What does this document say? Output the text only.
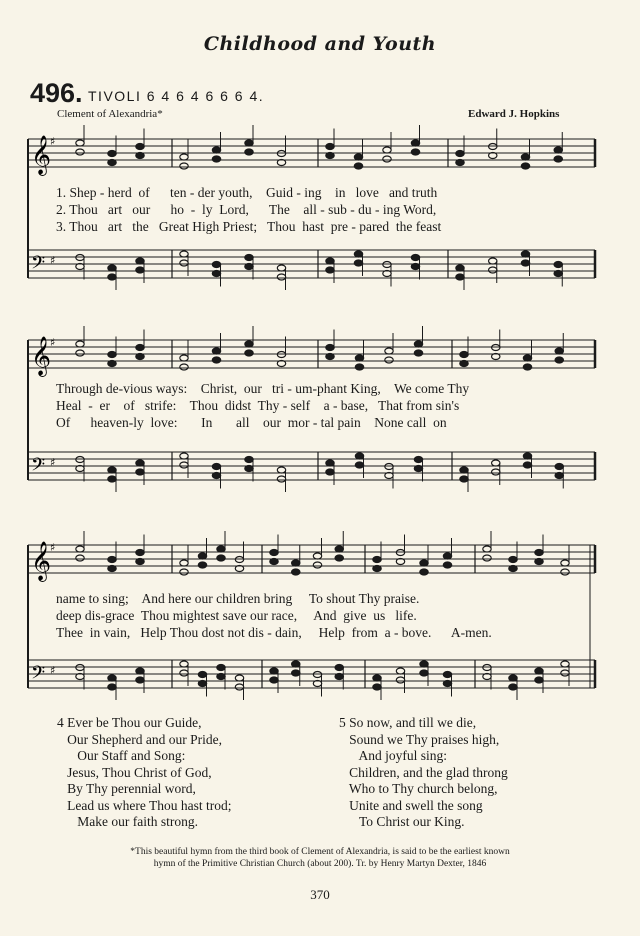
Childhood and Youth
496. TIVOLI 6 4 6 4 6 6 6 4.
Clement of Alexandria*	Edward J. Hopkins
𝄞
♯
𝄢 ♯
𝄞
♯
𝄢 ♯
𝄞
♯
𝄢 ♯
1. Shep - herd  of      ten - der youth,    Guid - ing    in   love   and truth
2. Thou   art   our      ho  -  ly  Lord,      The    all - sub - du - ing Word,
3. Thou   art   the   Great High Priest;   Thou  hast  pre - pared  the feast
Through de-vious ways:    Christ,  our   tri - um-phant King,    We come Thy
Heal  -  er    of   strife:    Thou  didst  Thy - self    a - base,   That from sin's
Of      heaven-ly  love:       In       all    our  mor - tal pain    None call  on
name to sing;    And here our children bring     To shout Thy praise.
deep dis-grace  Thou mightest save our race,     And  give  us   life.
Thee  in vain,   Help Thou dost not dis - dain,     Help  from  a - bove.      A-men.
4 Ever be Thou our Guide,
Our Shepherd and our Pride,
Our Staff and Song:
Jesus, Thou Christ of God,
By Thy perennial word,
Lead us where Thou hast trod;
Make our faith strong.
5 So now, and till we die,
Sound we Thy praises high,
And joyful sing:
Children, and the glad throng
Who to Thy church belong,
Unite and swell the song
To Christ our King.
*This beautiful hymn from the third book of Clement of Alexandria, is said to be the earliest known
hymn of the Primitive Christian Church (about 200). Tr. by Henry Martyn Dexter, 1846
370
